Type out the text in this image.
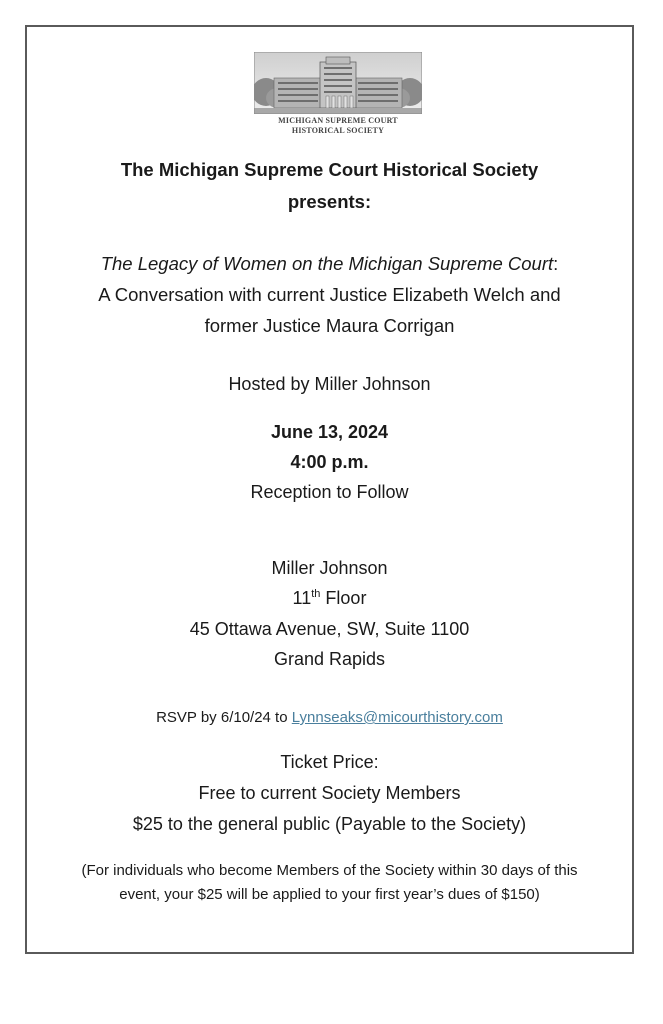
MICHIGAN SUPREME COURT
HISTORICAL SOCIETY
The Michigan Supreme Court Historical Society
presents:
The Legacy of Women on the Michigan Supreme Court:
A Conversation with current Justice Elizabeth Welch and
former Justice Maura Corrigan
Hosted by Miller Johnson
June 13, 2024
4:00 p.m.
Reception to Follow
Miller Johnson
11th Floor
45 Ottawa Avenue, SW, Suite 1100
Grand Rapids
RSVP by 6/10/24 to Lynnseaks@micourthistory.com
Ticket Price:
Free to current Society Members
$25 to the general public (Payable to the Society)
(For individuals who become Members of the Society within 30 days of this
event, your $25 will be applied to your first year’s dues of $150)
